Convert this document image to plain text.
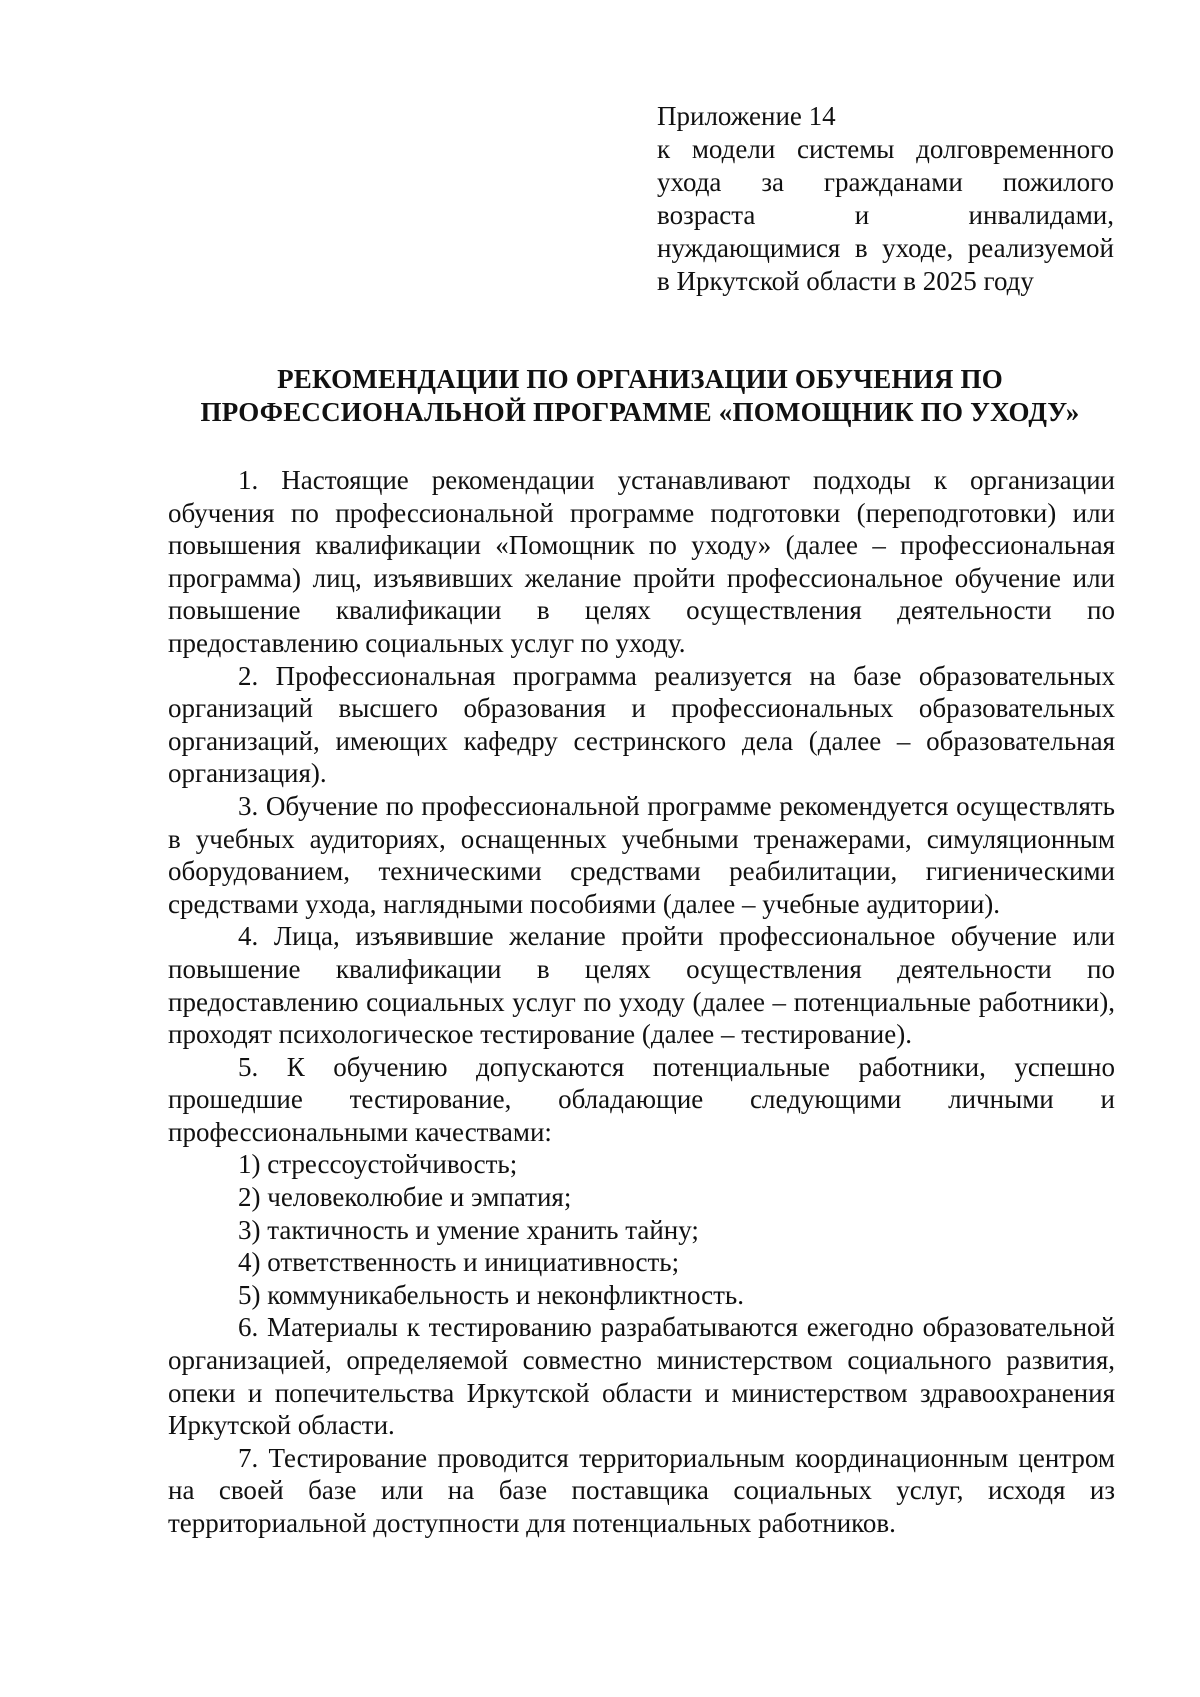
Приложение 14
к модели системы долговременного
ухода за гражданами пожилого
возраста и инвалидами,
нуждающимися в уходе, реализуемой
в Иркутской области в 2025 году
РЕКОМЕНДАЦИИ ПО ОРГАНИЗАЦИИ ОБУЧЕНИЯ ПО
ПРОФЕССИОНАЛЬНОЙ ПРОГРАММЕ «ПОМОЩНИК ПО УХОДУ»

1. Настоящие рекомендации устанавливают подходы к организации обучения по профессиональной программе подготовки (переподготовки) или повышения квалификации «Помощник по уходу» (далее – профессиональная программа) лиц, изъявивших желание пройти профессиональное обучение или повышение квалификации в целях осуществления деятельности по предоставлению социальных услуг по уходу.

2. Профессиональная программа реализуется на базе образовательных организаций высшего образования и профессиональных образовательных организаций, имеющих кафедру сестринского дела (далее – образовательная организация).

3. Обучение по профессиональной программе рекомендуется осуществлять в учебных аудиториях, оснащенных учебными тренажерами, симуляционным оборудованием, техническими средствами реабилитации, гигиеническими средствами ухода, наглядными пособиями (далее – учебные аудитории).

4. Лица, изъявившие желание пройти профессиональное обучение или повышение квалификации в целях осуществления деятельности по предоставлению социальных услуг по уходу (далее – потенциальные работники), проходят психологическое тестирование (далее – тестирование).

5. К обучению допускаются потенциальные работники, успешно прошедшие тестирование, обладающие следующими личными и профессиональными качествами:

1) стрессоустойчивость;

2) человеколюбие и эмпатия;

3) тактичность и умение хранить тайну;

4) ответственность и инициативность;

5) коммуникабельность и неконфликтность.

6. Материалы к тестированию разрабатываются ежегодно образовательной организацией, определяемой совместно министерством социального развития, опеки и попечительства Иркутской области и министерством здравоохранения Иркутской области.

7. Тестирование проводится территориальным координационным центром на своей базе или на базе поставщика социальных услуг, исходя из территориальной доступности для потенциальных работников.
